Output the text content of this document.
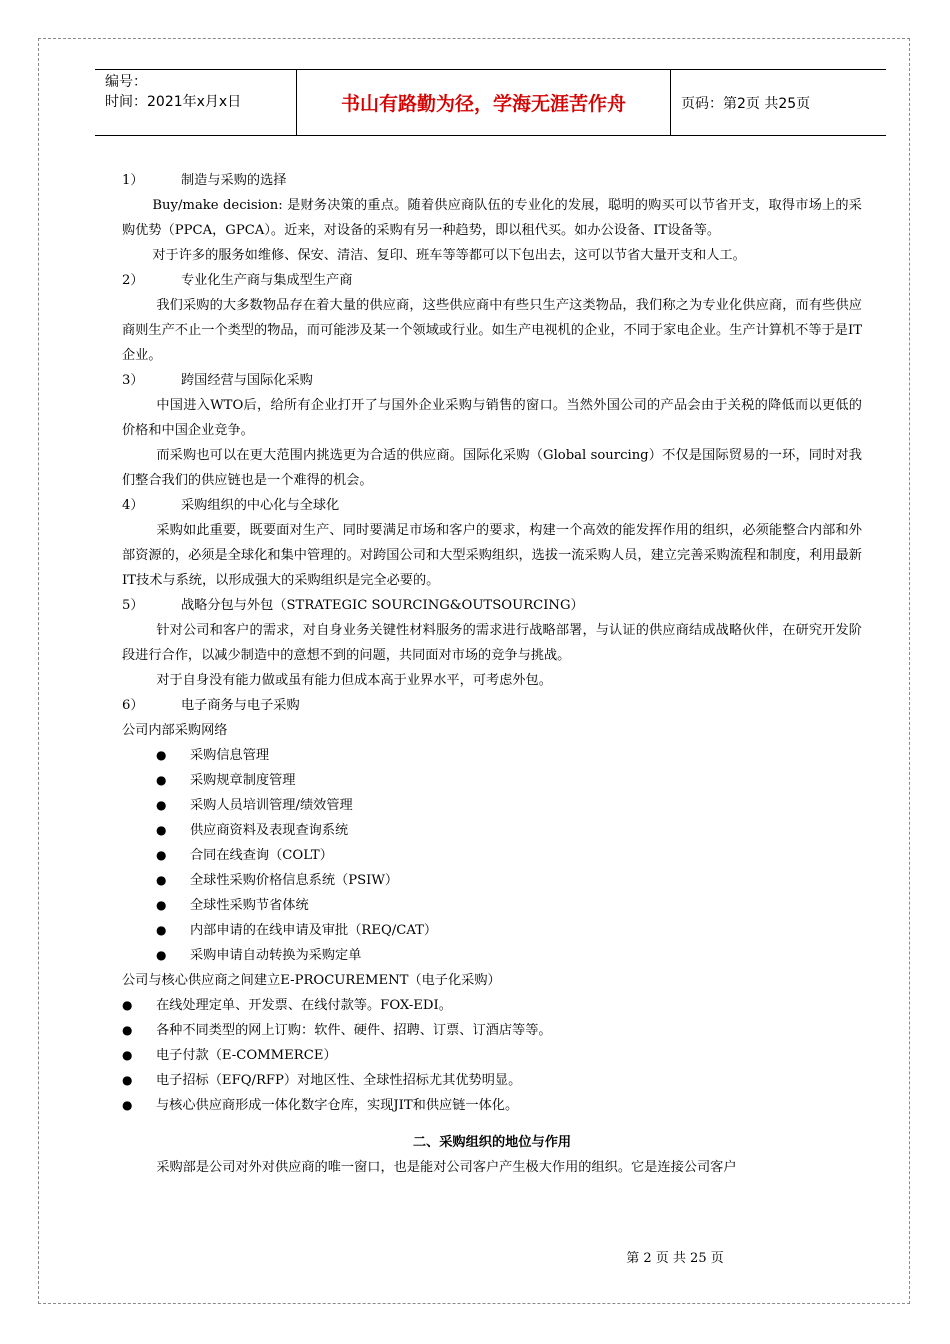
编号：
时间：2021年x月x日	书山有路勤为径，学海无涯苦作舟	页码：第2页 共25页

1）	制造与采购的选择

Buy/make decision: 是财务决策的重点。随着供应商队伍的专业化的发展，聪明的购买可以节省开支，取得市场上的采购优势（PPCA，GPCA）。近来，对设备的采购有另一种趋势，即以租代买。如办公设备、IT设备等。

对于许多的服务如维修、保安、清洁、复印、班车等等都可以下包出去，这可以节省大量开支和人工。

2）	专业化生产商与集成型生产商

我们采购的大多数物品存在着大量的供应商，这些供应商中有些只生产这类物品，我们称之为专业化供应商，而有些供应商则生产不止一个类型的物品，而可能涉及某一个领域或行业。如生产电视机的企业，不同于家电企业。生产计算机不等于是IT企业。

3）	跨国经营与国际化采购

中国进入WTO后，给所有企业打开了与国外企业采购与销售的窗口。当然外国公司的产品会由于关税的降低而以更低的价格和中国企业竞争。

而采购也可以在更大范围内挑选更为合适的供应商。国际化采购（Global sourcing）不仅是国际贸易的一环，同时对我们整合我们的供应链也是一个难得的机会。

4）	采购组织的中心化与全球化

采购如此重要，既要面对生产、同时要满足市场和客户的要求，构建一个高效的能发挥作用的组织，必须能整合内部和外部资源的，必须是全球化和集中管理的。对跨国公司和大型采购组织，选拔一流采购人员，建立完善采购流程和制度，利用最新IT技术与系统，以形成强大的采购组织是完全必要的。

5）	战略分包与外包（STRATEGIC SOURCING&OUTSOURCING）

针对公司和客户的需求，对自身业务关键性材料服务的需求进行战略部署，与认证的供应商结成战略伙伴，在研究开发阶段进行合作，以减少制造中的意想不到的问题，共同面对市场的竞争与挑战。

对于自身没有能力做或虽有能力但成本高于业界水平，可考虑外包。

6）	电子商务与电子采购

公司内部采购网络

● 采购信息管理
● 采购规章制度管理
● 采购人员培训管理/绩效管理
● 供应商资料及表现查询系统
● 合同在线查询（COLT）
● 全球性采购价格信息系统（PSIW）
● 全球性采购节省体统
● 内部申请的在线申请及审批（REQ/CAT）
● 采购申请自动转换为采购定单

公司与核心供应商之间建立E-PROCUREMENT（电子化采购）

● 在线处理定单、开发票、在线付款等。FOX-EDI。
● 各种不同类型的网上订购：软件、硬件、招聘、订票、订酒店等等。
● 电子付款（E-COMMERCE）
● 电子招标（EFQ/RFP）对地区性、全球性招标尤其优势明显。
● 与核心供应商形成一体化数字仓库，实现JIT和供应链一体化。

二、采购组织的地位与作用

采购部是公司对外对供应商的唯一窗口，也是能对公司客户产生极大作用的组织。它是连接公司客户

第 2 页 共 25 页
